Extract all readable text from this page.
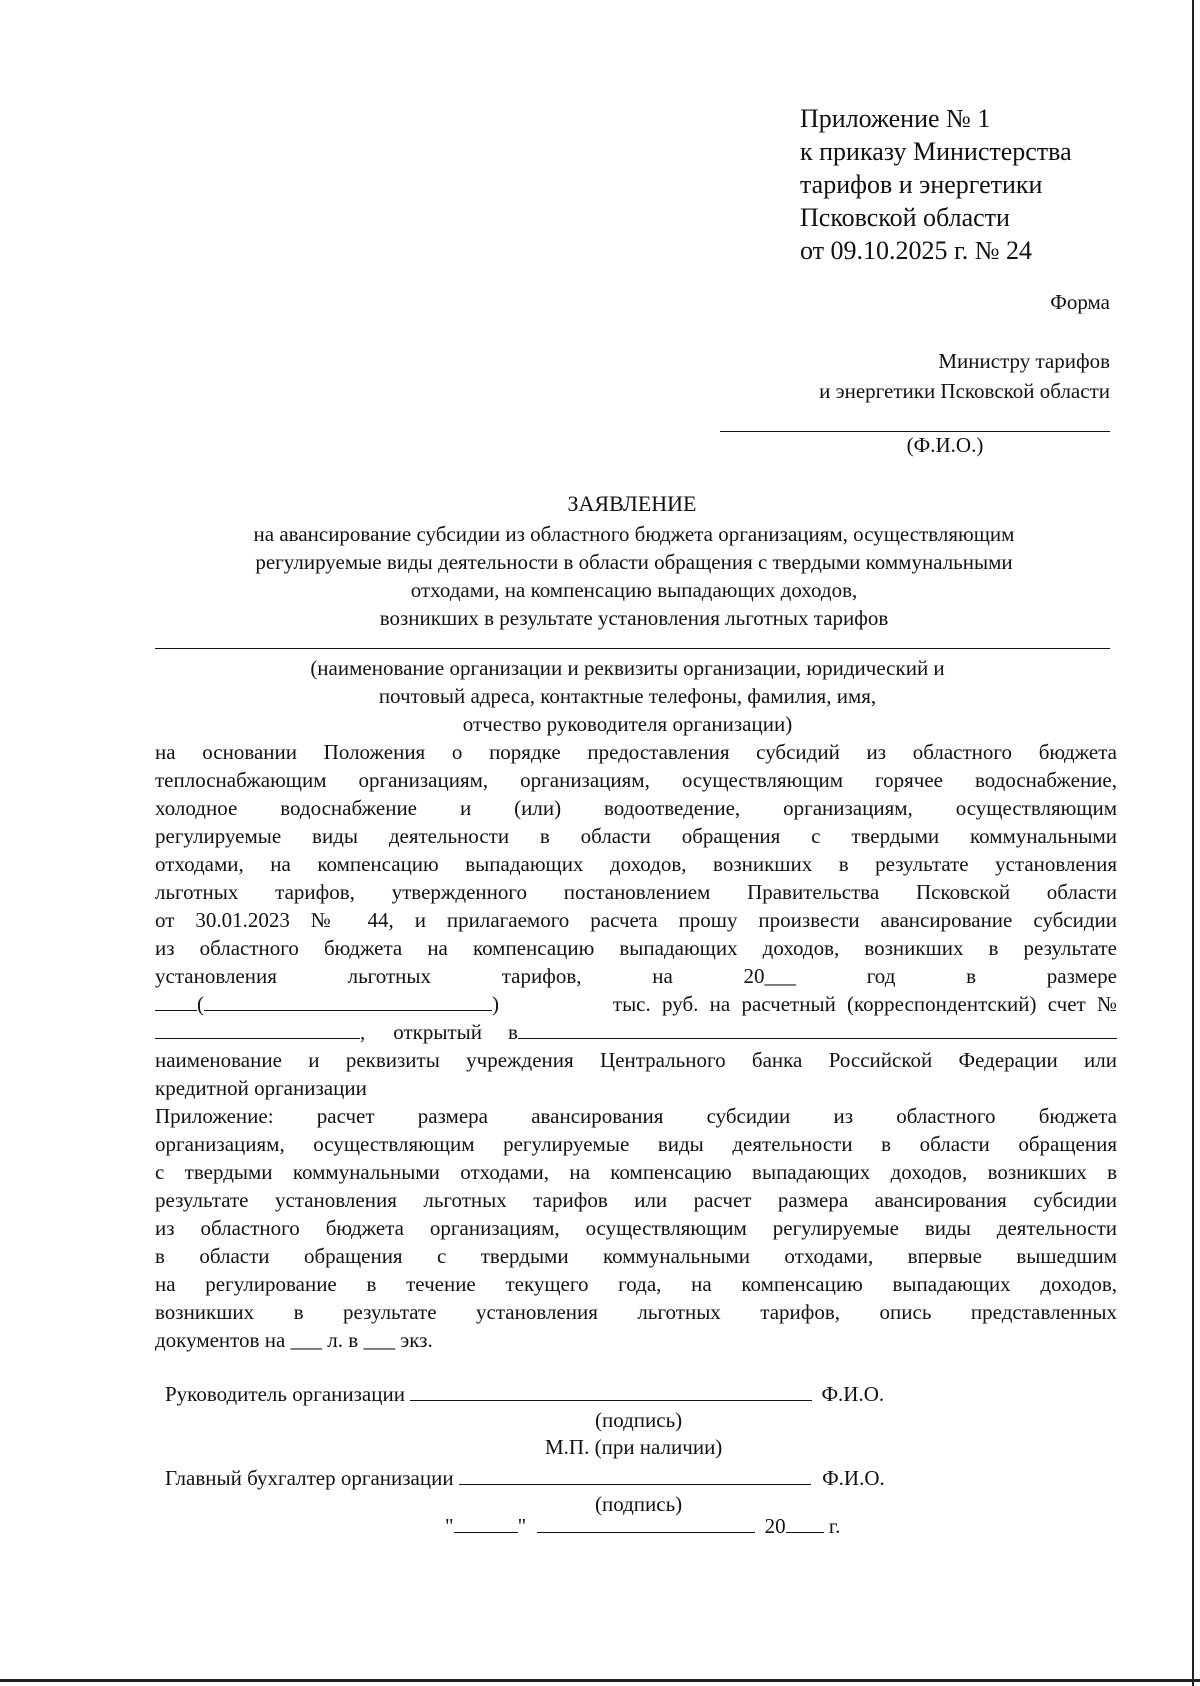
Приложение № 1
к приказу Министерства
тарифов и энергетики
Псковской области
от 09.10.2025 г. № 24
Форма
Министру тарифов
и энергетики Псковской области
(Ф.И.О.)
ЗАЯВЛЕНИЕ
на авансирование субсидии из областного бюджета организациям, осуществляющим
регулируемые виды деятельности в области обращения с твердыми коммунальными
отходами, на компенсацию выпадающих доходов,
возникших в результате установления льготных тарифов
(наименование организации и реквизиты организации, юридический и
почтовый адреса, контактные телефоны, фамилия, имя,
отчество руководителя организации)
на основании Положения о порядке предоставления субсидий из областного бюджета
теплоснабжающим организациям, организациям, осуществляющим горячее водоснабжение,
холодное водоснабжение и (или) водоотведение, организациям, осуществляющим
регулируемые виды деятельности в области обращения с твердыми коммунальными
отходами, на компенсацию выпадающих доходов, возникших в результате установления
льготных тарифов, утвержденного постановлением Правительства Псковской области
от 30.01.2023 № 44, и прилагаемого расчета прошу произвести авансирование субсидии
из областного бюджета на компенсацию выпадающих доходов, возникших в результате
установления	льготных	тарифов,	на	20___	год	в	размере
(	)	тыс. руб. на расчетный (корреспондентский) счет №
, открытый в
наименование и реквизиты учреждения Центрального банка Российской Федерации или
кредитной организации
Приложение: расчет размера авансирования субсидии из областного бюджета
организациям, осуществляющим регулируемые виды деятельности в области обращения
с твердыми коммунальными отходами, на компенсацию выпадающих доходов, возникших в
результате установления льготных тарифов или расчет размера авансирования субсидии
из областного бюджета организациям, осуществляющим регулируемые виды деятельности
в области обращения с твердыми коммунальными отходами, впервые вышедшим
на регулирование в течение текущего года, на компенсацию выпадающих доходов,
возникших в результате установления льготных тарифов, опись представленных
документов на ___ л. в ___ экз.
Руководитель организации	Ф.И.О.
(подпись)
М.П. (при наличии)
Главный бухгалтер организации	Ф.И.О.
(подпись)
"	"	20 г.
